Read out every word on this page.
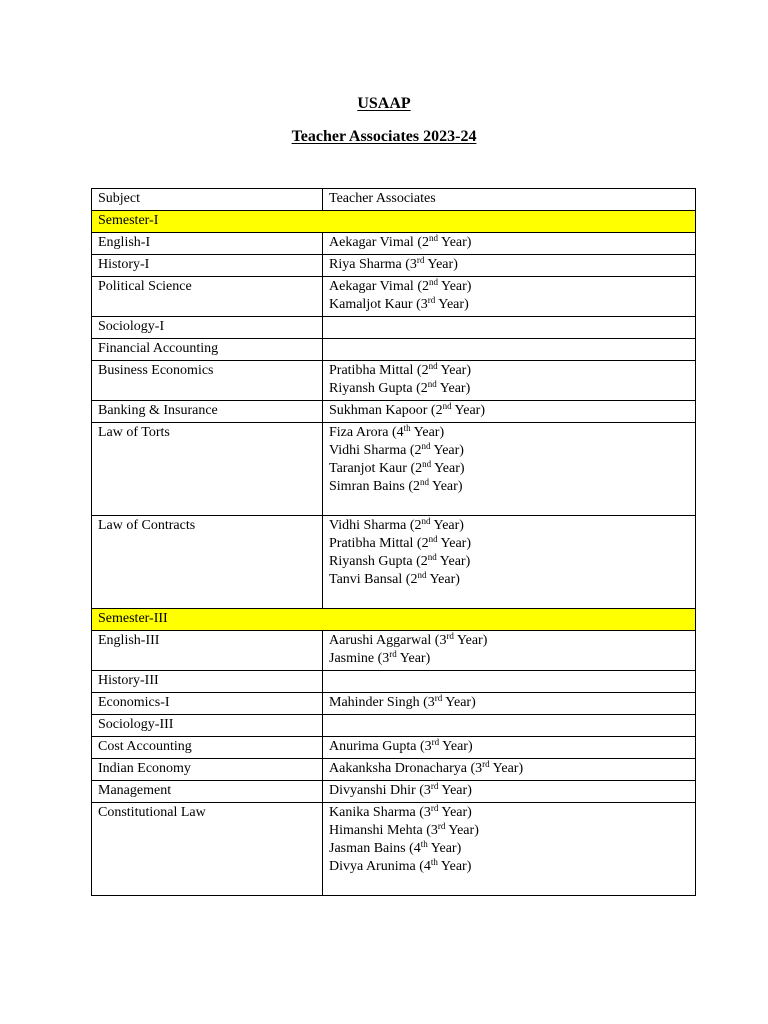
USAAP
Teacher Associates 2023-24
Subject	Teacher Associates
Semester-I	
English-I	Aekagar Vimal (2nd Year)

History-I	Riya Sharma (3rd Year)

Political Science	Aekagar Vimal (2nd Year)
Kamaljot Kaur (3rd Year)

Sociology-I	
Financial Accounting	
Business Economics	Pratibha Mittal (2nd Year)
Riyansh Gupta (2nd Year)

Banking & Insurance	Sukhman Kapoor (2nd Year)

Law of Torts	Fiza Arora (4th Year)
Vidhi Sharma (2nd Year)
Taranjot Kaur (2nd Year)
Simran Bains (2nd Year)

Law of Contracts	Vidhi Sharma (2nd Year)
Pratibha Mittal (2nd Year)
Riyansh Gupta (2nd Year)
Tanvi Bansal (2nd Year)

Semester-III	
English-III	Aarushi Aggarwal (3rd Year)
Jasmine (3rd Year)

History-III	
Economics-I	Mahinder Singh (3rd Year)

Sociology-III	
Cost Accounting	Anurima Gupta (3rd Year)

Indian Economy	Aakanksha Dronacharya (3rd Year)

Management	Divyanshi Dhir (3rd Year)

Constitutional Law	Kanika Sharma (3rd Year)
Himanshi Mehta (3rd Year)
Jasman Bains (4th Year)
Divya Arunima (4th Year)
